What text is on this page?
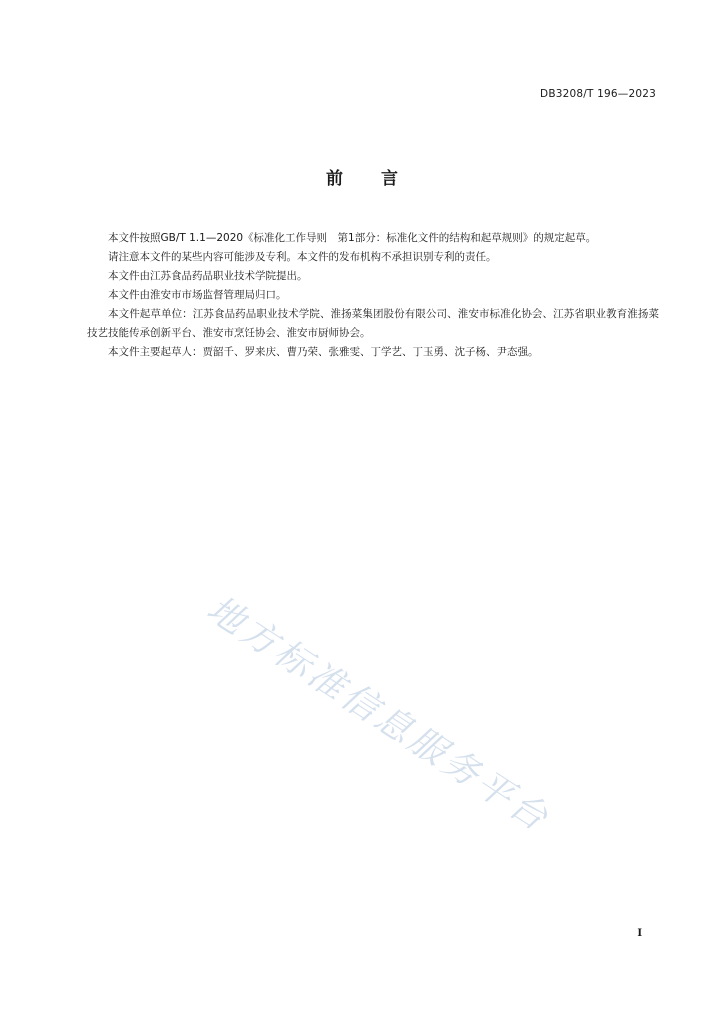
DB3208/T 196—2023
前言

本文件按照GB/T 1.1—2020《标准化工作导则　第1部分：标准化文件的结构和起草规则》的规定起草。

请注意本文件的某些内容可能涉及专利。本文件的发布机构不承担识别专利的责任。

本文件由江苏食品药品职业技术学院提出。

本文件由淮安市市场监督管理局归口。

本文件起草单位：江苏食品药品职业技术学院、淮扬菜集团股份有限公司、淮安市标准化协会、江苏省职业教育淮扬菜技艺技能传承创新平台、淮安市烹饪协会、淮安市厨师协会。

本文件主要起草人：贾韶千、罗来庆、曹乃荣、张雅雯、丁学艺、丁玉勇、沈子杨、尹态强。

地方标准信息服务平台
I
